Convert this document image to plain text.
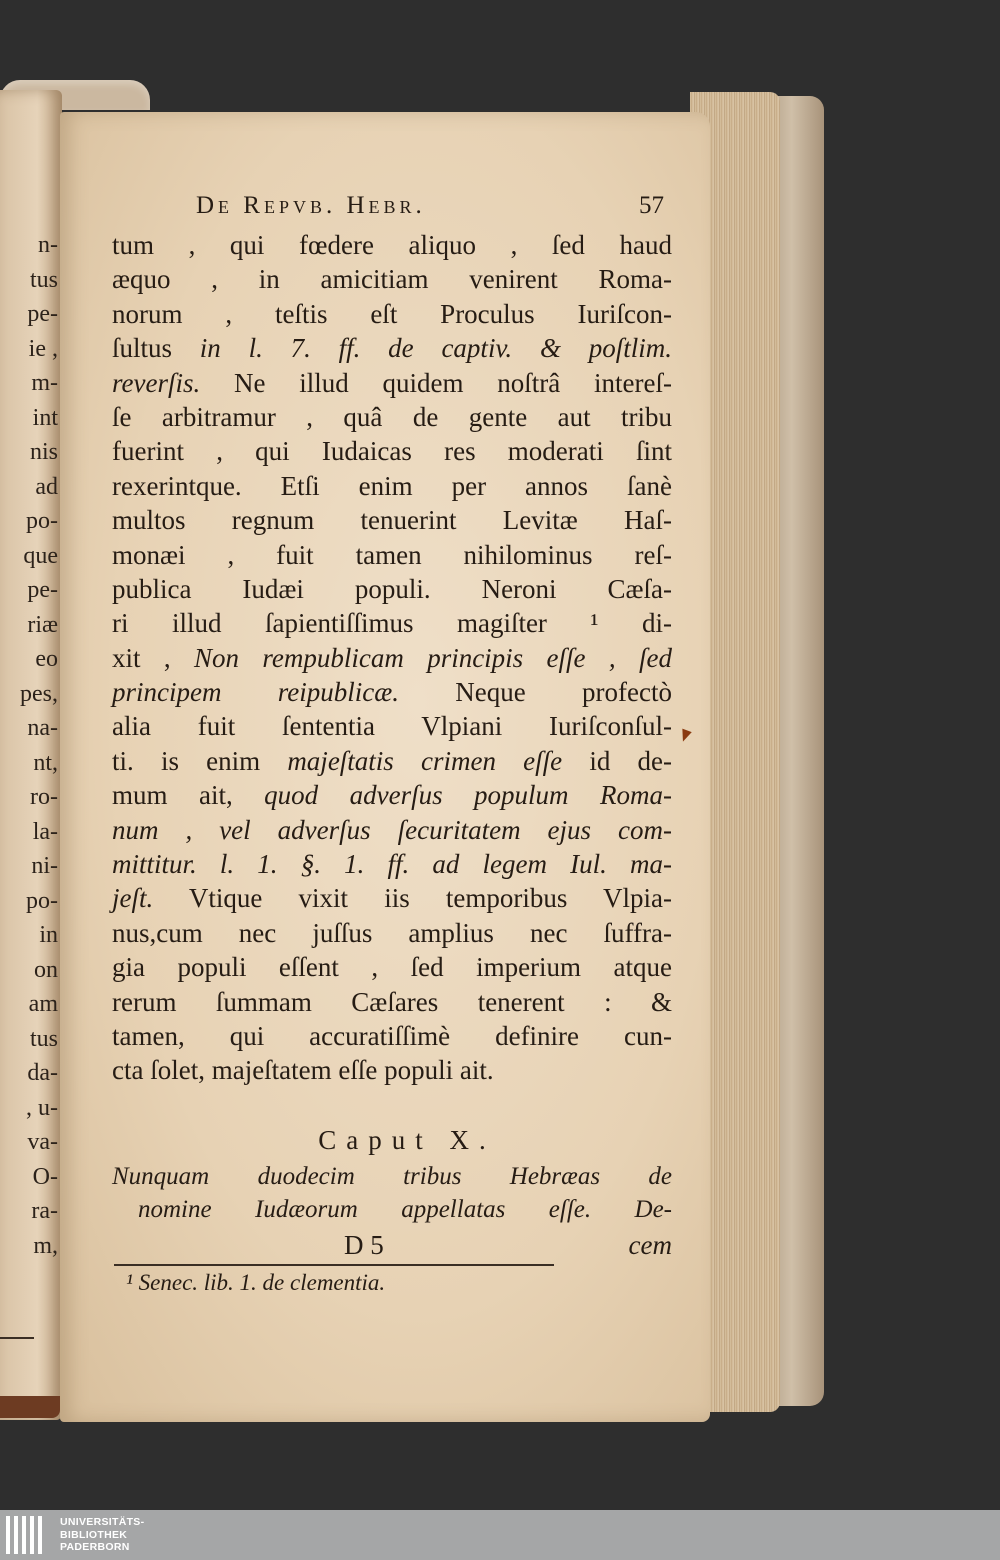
n-
tus
pe-
ie ,
m-
int
nis
ad
po-
que
pe-
riæ
eo
pes,
na-
nt,
ro-
la-
ni-
po-
in
on
am
tus
da-
, u-
va-
O-
ra-
m,
De Repvb. Hebr.	57
tum , qui fœdere aliquo , ſed haud
æquo , in amicitiam venirent Roma-
norum , teſtis eſt Proculus Iuriſcon-
ſultus in l. 7. ff. de captiv. & poſtlim.
reverſis. Ne illud quidem noſtrâ intereſ-
ſe arbitramur , quâ de gente aut tribu
fuerint , qui Iudaicas res moderati ſint
rexerintque. Etſi enim per annos ſanè
multos regnum tenuerint Levitæ Haſ-
monæi , fuit tamen nihilominus reſ-
publica Iudæi populi. Neroni Cæſa-
ri illud ſapientiſſimus magiſter ¹ di-
xit , Non rempublicam principis eſſe , ſed
principem reipublicæ. Neque profectò
alia fuit ſententia Vlpiani Iuriſconſul-
ti. is enim majeſtatis crimen eſſe id de-
mum ait, quod adverſus populum Roma-
num , vel adverſus ſecuritatem ejus com-
mittitur. l. 1. §. 1. ff. ad legem Iul. ma-
jeſt. Vtique vixit iis temporibus Vlpia-
nus,cum nec juſſus amplius nec ſuffra-
gia populi eſſent , ſed imperium atque
rerum ſummam Cæſares tenerent : &
tamen, qui accuratiſſimè definire cun-
cta ſolet, majeſtatem eſſe populi ait.
Caput X.
Nunquam duodecim tribus Hebræas de
nomine Iudæorum appellatas eſſe. De-
D 5	cem
¹ Senec. lib. 1. de clementia.
UNIVERSITÄTS-
BIBLIOTHEK
PADERBORN
